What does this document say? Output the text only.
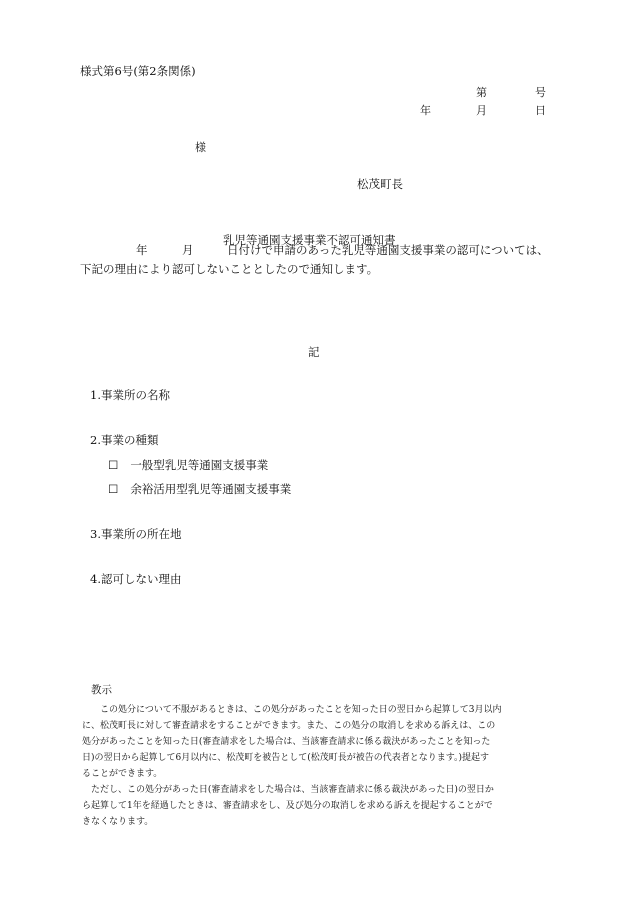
様式第6号(第2条関係)
第	号
年	月	日
様
松茂町長
乳児等通園支援事業不認可通知書
年	月	日付けで申請のあった乳児等通園支援事業の認可については、
下記の理由により認可しないこととしたので通知します。
記
1.事業所の名称
2.事業の種類
☐ 一般型乳児等通園支援事業
☐ 余裕活用型乳児等通園支援事業
3.事業所の所在地
4.認可しない理由
教示

この処分について不服があるときは、この処分があったことを知った日の翌日から起算して3月以内

に、松茂町長に対して審査請求をすることができます。また、この処分の取消しを求める訴えは、この

処分があったことを知った日(審査請求をした場合は、当該審査請求に係る裁決があったことを知った

日)の翌日から起算して6月以内に、松茂町を被告として(松茂町長が被告の代表者となります。)提起す

ることができます。

ただし、この処分があった日(審査請求をした場合は、当該審査請求に係る裁決があった日)の翌日か

ら起算して1年を経過したときは、審査請求をし、及び処分の取消しを求める訴えを提起することがで

きなくなります。
